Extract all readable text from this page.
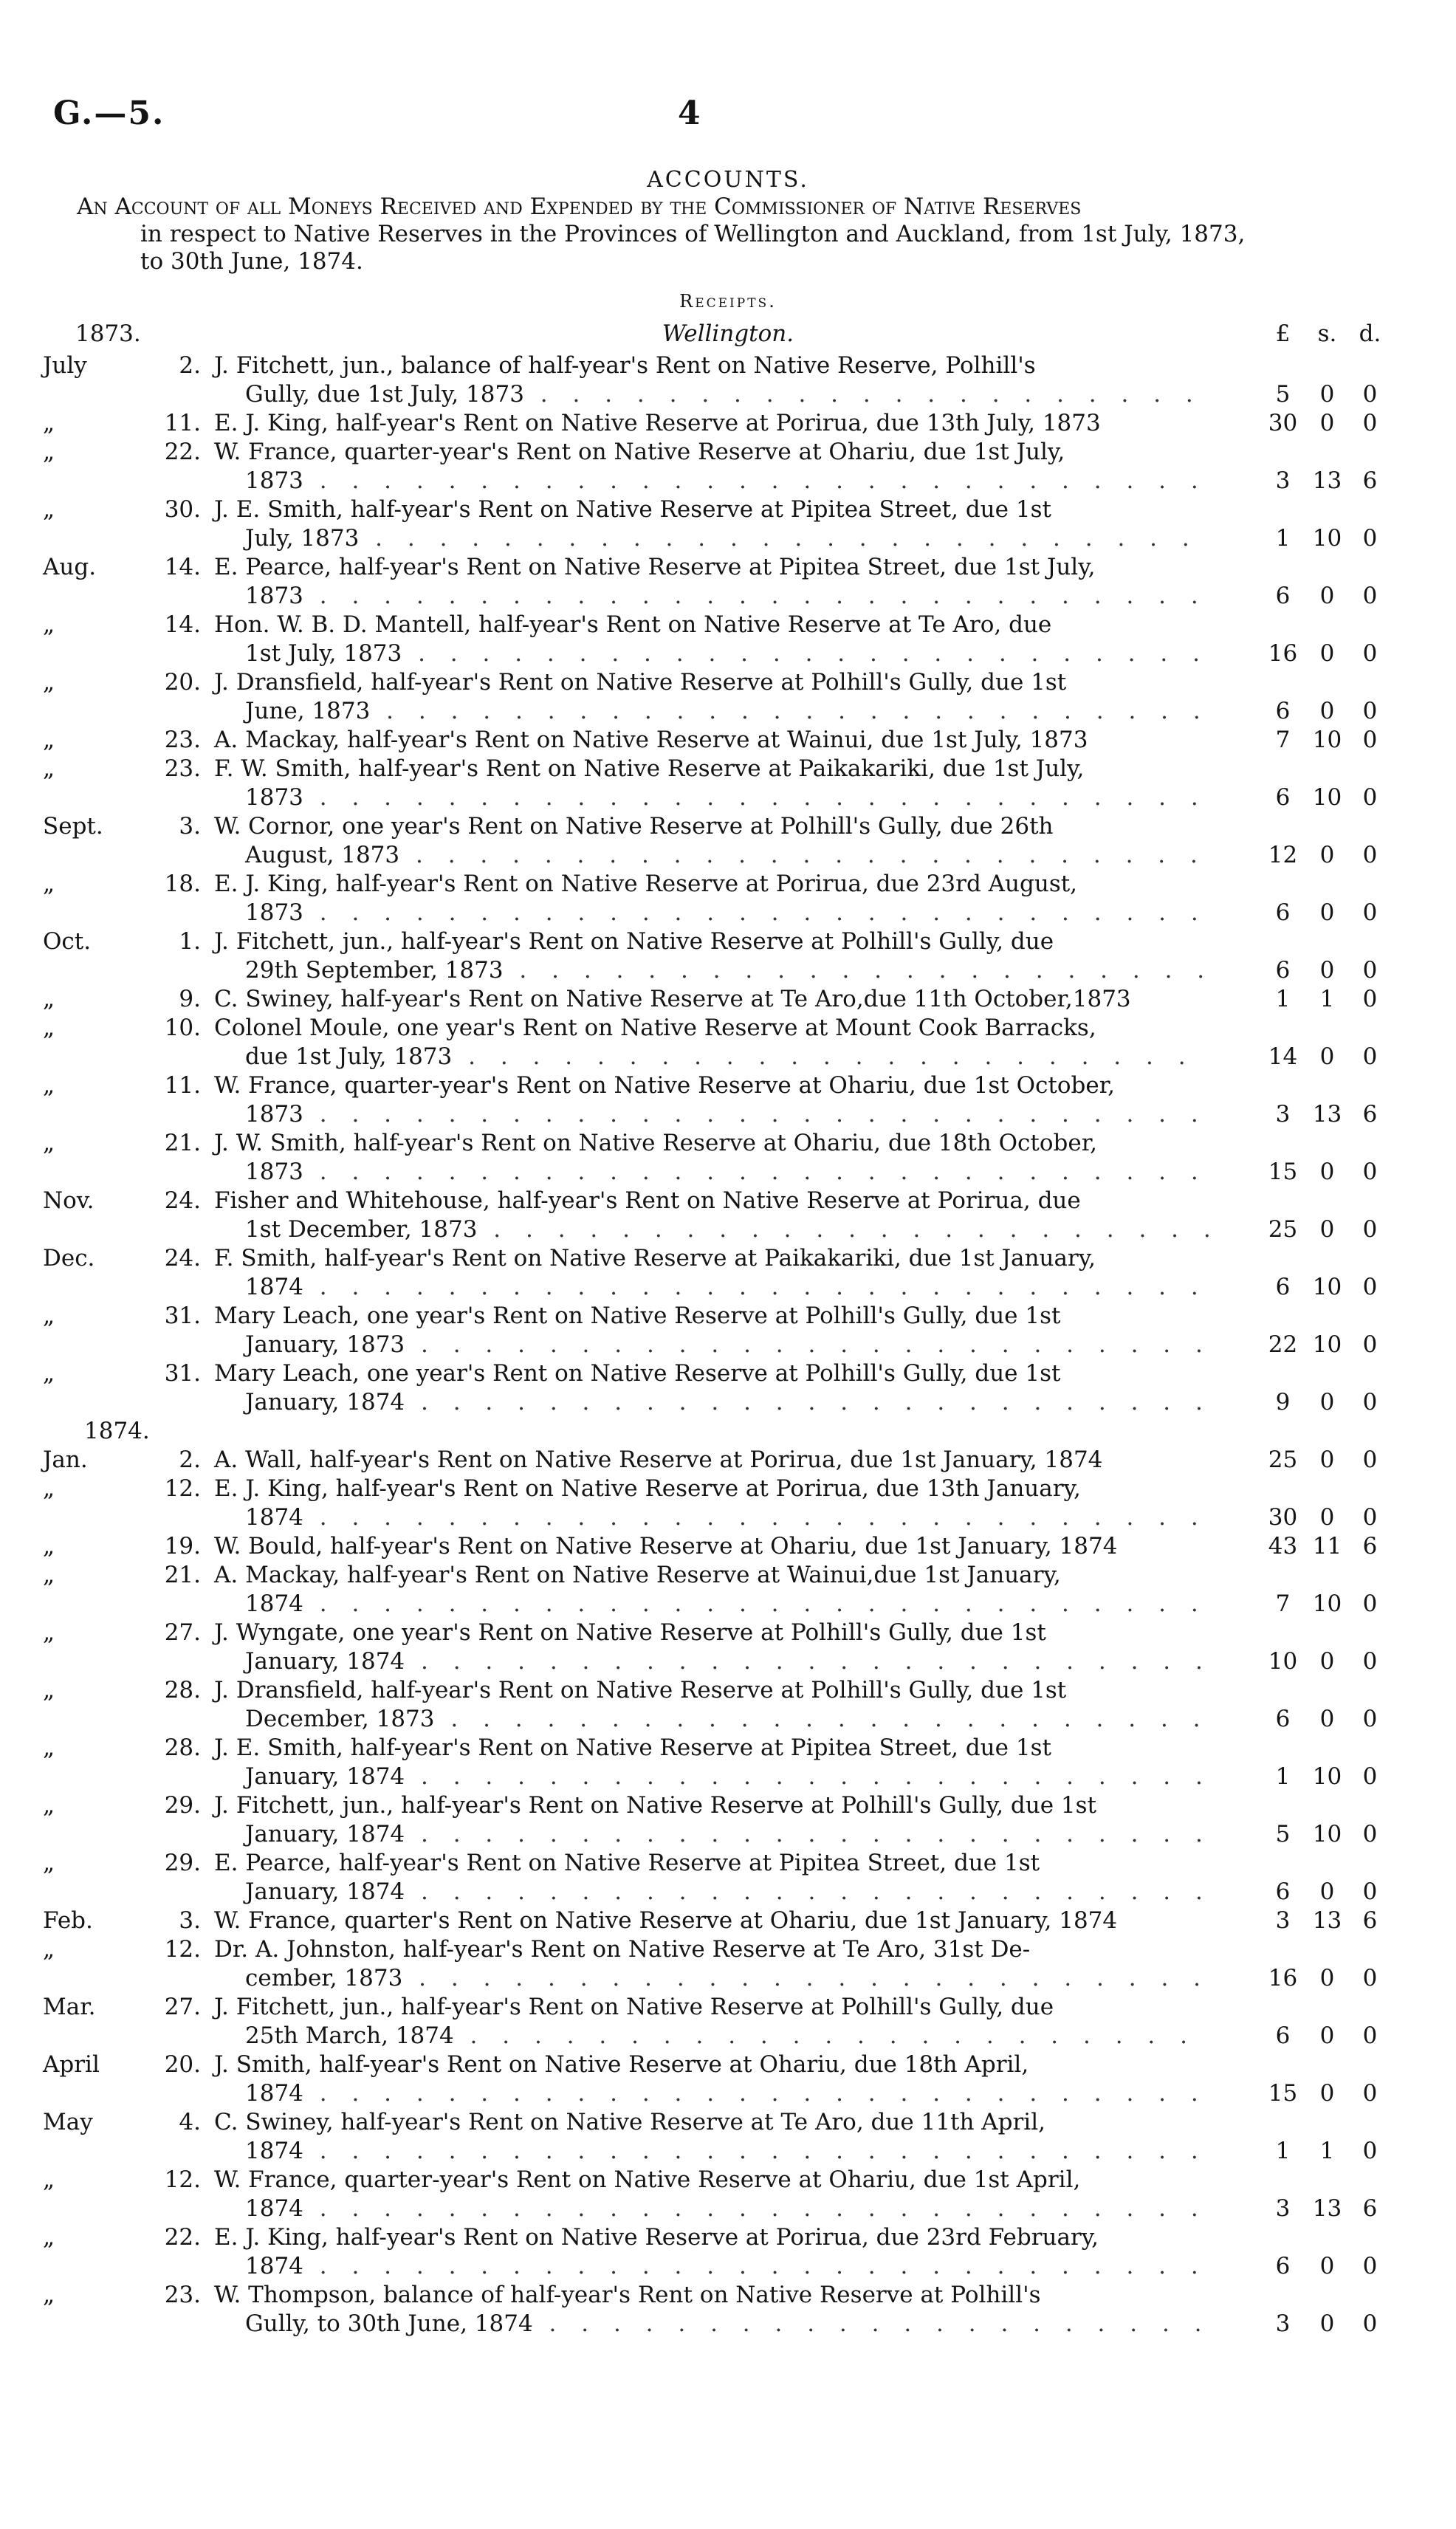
G.—5.	4
ACCOUNTS.
An Account of all Moneys Received and Expended by the Commissioner of Native Reserves
in respect to Native Reserves in the Provinces of Wellington and Auckland, from 1st July, 1873,
to 30th June, 1874.
Receipts.
1873.	Wellington.	£	s. d.
July	2. J. Fitchett, jun., balance of half-year's Rent on Native Reserve, Polhill's
Gully, due 1st July, 1873 . . .	5	0	0
„	11. E. J. King, half-year's Rent on Native Reserve at Porirua, due 13th July, 1873	30 0	0
„	22. W. France, quarter-year's Rent on Native Reserve at Ohariu, due 1st July,
1873 . . .	3 13 6
„	30. J. E. Smith, half-year's Rent on Native Reserve at Pipitea Street, due 1st
July, 1873 . . .	1 10 0
Aug.	14. E. Pearce, half-year's Rent on Native Reserve at Pipitea Street, due 1st July,
1873 . . .	6	0	0
„	14. Hon. W. B. D. Mantell, half-year's Rent on Native Reserve at Te Aro, due
1st July, 1873 . . .	16 0	0
„	20. J. Dransfield, half-year's Rent on Native Reserve at Polhill's Gully, due 1st
June, 1873 . . .	6	0	0
„	23. A. Mackay, half-year's Rent on Native Reserve at Wainui, due 1st July, 1873	7 10 0
„	23. F. W. Smith, half-year's Rent on Native Reserve at Paikakariki, due 1st July,
1873 . . .	6 10 0
Sept.	3. W. Cornor, one year's Rent on Native Reserve at Polhill's Gully, due 26th
August, 1873 . . .	12 0	0
„	18. E. J. King, half-year's Rent on Native Reserve at Porirua, due 23rd August,
1873 . . .	6	0	0
Oct.	1. J. Fitchett, jun., half-year's Rent on Native Reserve at Polhill's Gully, due
29th September, 1873 . . .	6	0	0
„	9. C. Swiney, half-year's Rent on Native Reserve at Te Aro,due 11th October,1873	1	1	0
„	10. Colonel Moule, one year's Rent on Native Reserve at Mount Cook Barracks,
due 1st July, 1873 . . .	14 0	0
„	11. W. France, quarter-year's Rent on Native Reserve at Ohariu, due 1st October,
1873 . . .	3 13 6
„	21. J. W. Smith, half-year's Rent on Native Reserve at Ohariu, due 18th October,
1873 . . .	15 0	0
Nov.	24. Fisher and Whitehouse, half-year's Rent on Native Reserve at Porirua, due
1st December, 1873 . . .	25 0	0
Dec.	24. F. Smith, half-year's Rent on Native Reserve at Paikakariki, due 1st January,
1874 . . .	6 10 0
„	31. Mary Leach, one year's Rent on Native Reserve at Polhill's Gully, due 1st
January, 1873 . . .	22 10 0
„	31. Mary Leach, one year's Rent on Native Reserve at Polhill's Gully, due 1st
January, 1874 . . .	9	0	0
1874.
Jan.	2. A. Wall, half-year's Rent on Native Reserve at Porirua, due 1st January, 1874	25 0	0
„	12. E. J. King, half-year's Rent on Native Reserve at Porirua, due 13th January,
1874 . . .	30 0	0
„	19. W. Bould, half-year's Rent on Native Reserve at Ohariu, due 1st January, 1874	43 11 6
„	21. A. Mackay, half-year's Rent on Native Reserve at Wainui,due 1st January,
1874 . . .	7 10 0
„	27. J. Wyngate, one year's Rent on Native Reserve at Polhill's Gully, due 1st
January, 1874 . . .	10 0	0
„	28. J. Dransfield, half-year's Rent on Native Reserve at Polhill's Gully, due 1st
December, 1873 . . .	6	0	0
„	28. J. E. Smith, half-year's Rent on Native Reserve at Pipitea Street, due 1st
January, 1874 . . .	1 10 0
„	29. J. Fitchett, jun., half-year's Rent on Native Reserve at Polhill's Gully, due 1st
January, 1874 . . .	5 10 0
„	29. E. Pearce, half-year's Rent on Native Reserve at Pipitea Street, due 1st
January, 1874 . . .	6	0	0
Feb.	3. W. France, quarter's Rent on Native Reserve at Ohariu, due 1st January, 1874	3 13 6
„	12. Dr. A. Johnston, half-year's Rent on Native Reserve at Te Aro, 31st De-
cember, 1873 . . .	16 0	0
Mar.	27. J. Fitchett, jun., half-year's Rent on Native Reserve at Polhill's Gully, due
25th March, 1874 . . .	6	0	0
April	20. J. Smith, half-year's Rent on Native Reserve at Ohariu, due 18th April,
1874 . . .	15 0	0
May	4. C. Swiney, half-year's Rent on Native Reserve at Te Aro, due 11th April,
1874 . . .	1	1	0
„	12. W. France, quarter-year's Rent on Native Reserve at Ohariu, due 1st April,
1874 . . .	3 13 6
„	22. E. J. King, half-year's Rent on Native Reserve at Porirua, due 23rd February,
1874 . . .	6	0	0
„	23. W. Thompson, balance of half-year's Rent on Native Reserve at Polhill's
Gully, to 30th June, 1874 . . .	3	0	0
